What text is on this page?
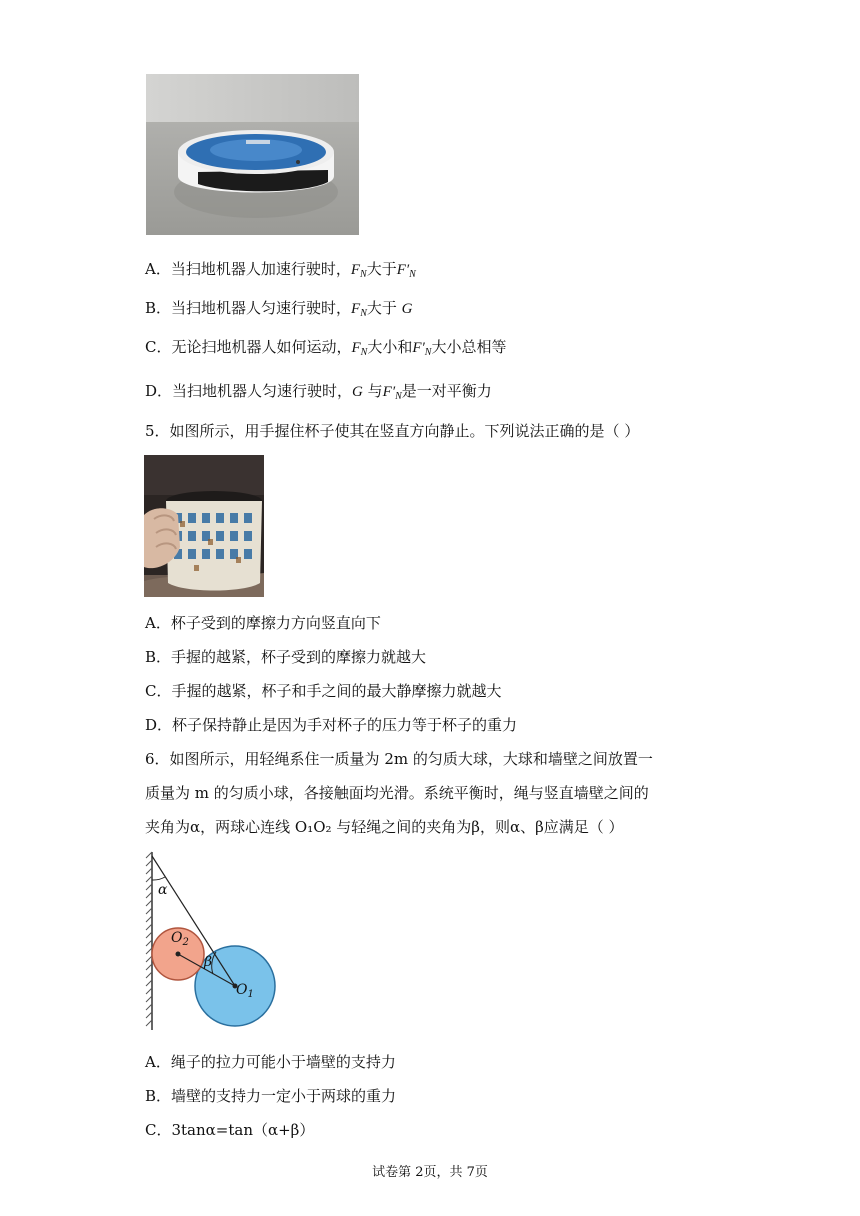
A．当扫地机器人加速行驶时，$F_N$大于$F'_N$
B．当扫地机器人匀速行驶时，$F_N$大于 G
C．无论扫地机器人如何运动，$F_N$大小和$F'_N$大小总相等
D．当扫地机器人匀速行驶时，G 与$F'_N$是一对平衡力
5．如图所示，用手握住杯子使其在竖直方向静止。下列说法正确的是（ ）
A．杯子受到的摩擦力方向竖直向下
B．手握的越紧，杯子受到的摩擦力就越大
C．手握的越紧，杯子和手之间的最大静摩擦力就越大
D．杯子保持静止是因为手对杯子的压力等于杯子的重力
6．如图所示，用轻绳系住一质量为 2m 的匀质大球，大球和墙壁之间放置一
质量为 m 的匀质小球，各接触面均光滑。系统平衡时，绳与竖直墙壁之间的
夹角为α，两球心连线 O₁O₂ 与轻绳之间的夹角为β，则α、β应满足（ ）
α
β
$O_2$
$O_1$
A．绳子的拉力可能小于墙壁的支持力
B．墙壁的支持力一定小于两球的重力
C．3tanα=tan（α+β）
试卷第 2页，共 7页
